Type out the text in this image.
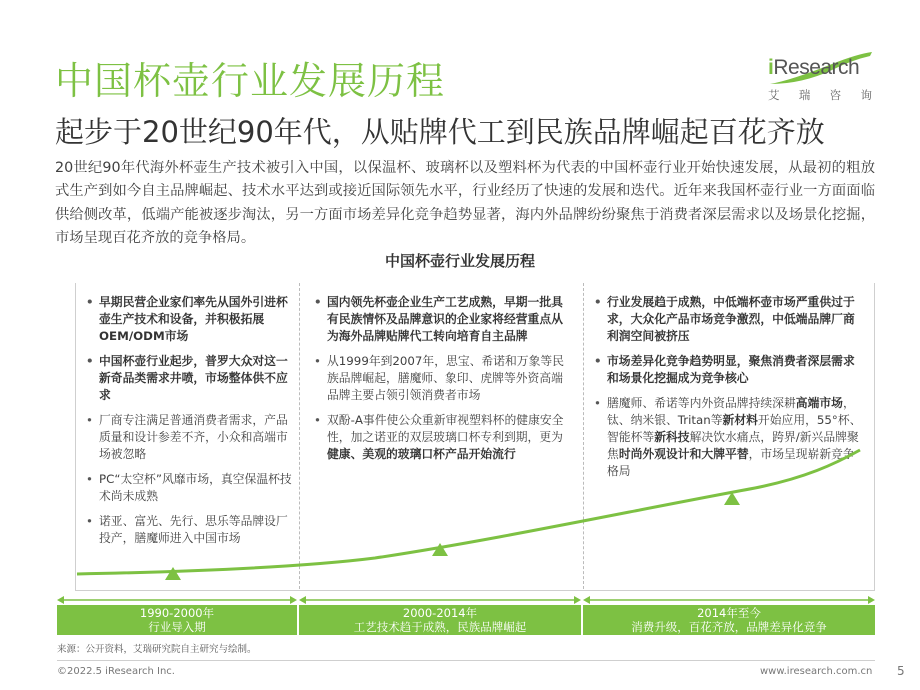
中国杯壶行业发展历程
起步于20世纪90年代，从贴牌代工到民族品牌崛起百花齐放

20世纪90年代海外杯壶生产技术被引入中国，以保温杯、玻璃杯以及塑料杯为代表的中国杯壶行业开始快速发展，从最初的粗放式生产到如今自主品牌崛起、技术水平达到或接近国际领先水平，行业经历了快速的发展和迭代。近年来我国杯壶行业一方面面临供给侧改革，低端产能被逐步淘汰，另一方面市场差异化竞争趋势显著，海内外品牌纷纷聚焦于消费者深层需求以及场景化挖掘，市场呈现百花齐放的竞争格局。

iResearch
艾 瑞 咨 询
中国杯壶行业发展历程
• 早期民营企业家们率先从国外引进杯壶生产技术和设备，并积极拓展OEM/ODM市场
• 中国杯壶行业起步，普罗大众对这一新奇品类需求井喷，市场整体供不应求
• 厂商专注满足普通消费者需求，产品质量和设计参差不齐，小众和高端市场被忽略
• PC“太空杯”风靡市场，真空保温杯技术尚未成熟
• 诺亚、富光、先行、思乐等品牌设厂投产，膳魔师进入中国市场
• 国内领先杯壶企业生产工艺成熟，早期一批具有民族情怀及品牌意识的企业家将经营重点从为海外品牌贴牌代工转向培育自主品牌
• 从1999年到2007年，思宝、希诺和万象等民族品牌崛起，膳魔师、象印、虎牌等外资高端品牌主要占领引领消费者市场
• 双酚-A事件使公众重新审视塑料杯的健康安全性，加之诺亚的双层玻璃口杯专利到期，更为健康、美观的玻璃口杯产品开始流行
• 行业发展趋于成熟，中低端杯壶市场严重供过于求，大众化产品市场竞争激烈，中低端品牌厂商利润空间被挤压
• 市场差异化竞争趋势明显，聚焦消费者深层需求和场景化挖掘成为竞争核心
• 膳魔师、希诺等内外资品牌持续深耕高端市场，钛、纳米银、Tritan等新材料开始应用，55°杯、智能杯等新科技解决饮水痛点，跨界/新兴品牌聚焦时尚外观设计和大牌平替，市场呈现崭新竞争格局
1990-2000年
行业导入期
2000-2014年
工艺技术趋于成熟，民族品牌崛起
2014年至今
消费升级，百花齐放，品牌差异化竞争
来源：公开资料，艾瑞研究院自主研究与绘制。
©2022.5 iResearch Inc.	www.iresearch.com.cn 5
